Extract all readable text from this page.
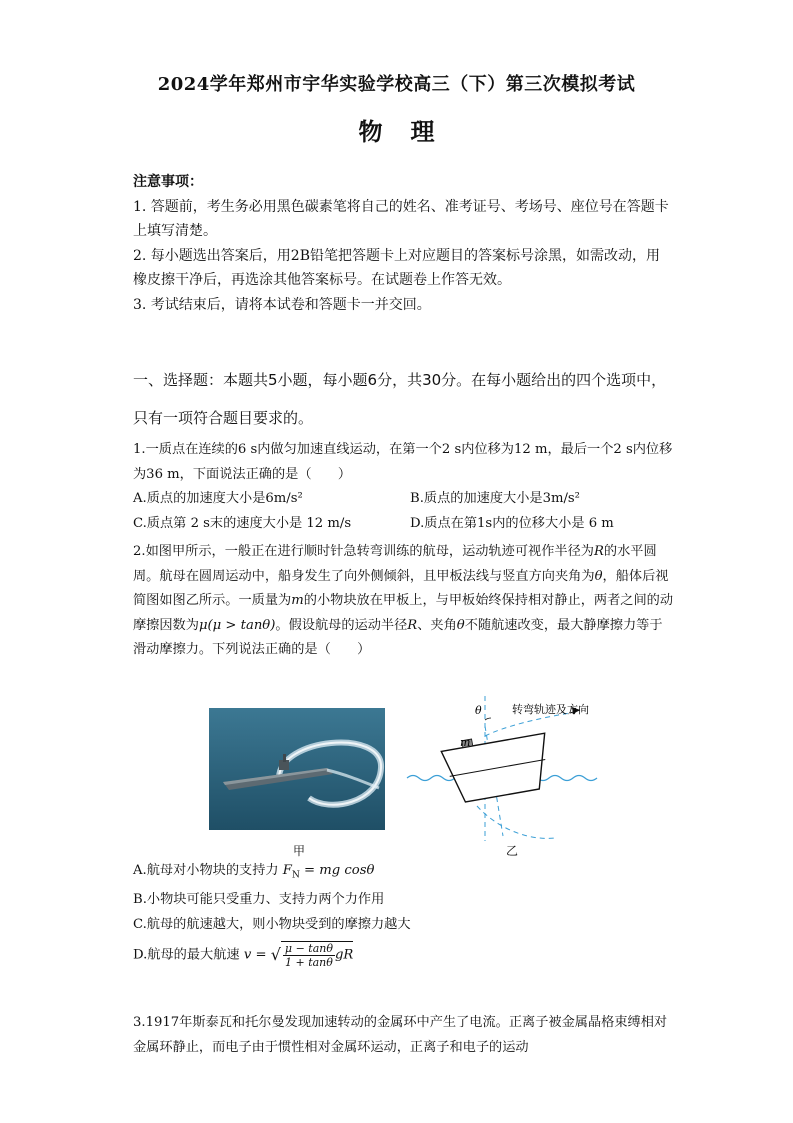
2024学年郑州市宇华实验学校高三（下）第三次模拟考试
物理
注意事项：
1. 答题前，考生务必用黑色碳素笔将自己的姓名、准考证号、考场号、座位号在答题卡上填写清楚。
2. 每小题选出答案后，用2B铅笔把答题卡上对应题目的答案标号涂黑，如需改动，用橡皮擦干净后，再选涂其他答案标号。在试题卷上作答无效。
3. 考试结束后，请将本试卷和答题卡一并交回。
一、选择题：本题共5小题，每小题6分，共30分。在每小题给出的四个选项中，只有一项符合题目要求的。
1.一质点在连续的6 s内做匀加速直线运动，在第一个2 s内位移为12 m，最后一个2 s内位移为36 m，下面说法正确的是（　　）
A.质点的加速度大小是6m/s²	B.质点的加速度大小是3m/s²
C.质点第 2 s末的速度大小是 12 m/s	D.质点在第1s内的位移大小是 6 m
2.如图甲所示，一般正在进行顺时针急转弯训练的航母，运动轨迹可视作半径为R的水平圆周。航母在圆周运动中，船身发生了向外侧倾斜，且甲板法线与竖直方向夹角为θ，船体后视简图如图乙所示。一质量为m的小物块放在甲板上，与甲板始终保持相对静止，两者之间的动摩擦因数为μ(μ > tanθ)。假设航母的运动半径R、夹角θ不随航速改变，最大静摩擦力等于滑动摩擦力。下列说法正确的是（　　）
θ
m
转弯轨迹及方向
甲	乙
A.航母对小物块的支持力 $F_N$ = mg cosθ
B.小物块可能只受重力、支持力两个力作用
C.航母的航速越大，则小物块受到的摩擦力越大
D.航母的最大航速 v = √ $\frac{\mu - \tan\theta}{1 + \tan\theta}$ gR
3.1917年斯泰瓦和托尔曼发现加速转动的金属环中产生了电流。正离子被金属晶格束缚相对金属环静止，而电子由于惯性相对金属环运动，正离子和电子的运动
